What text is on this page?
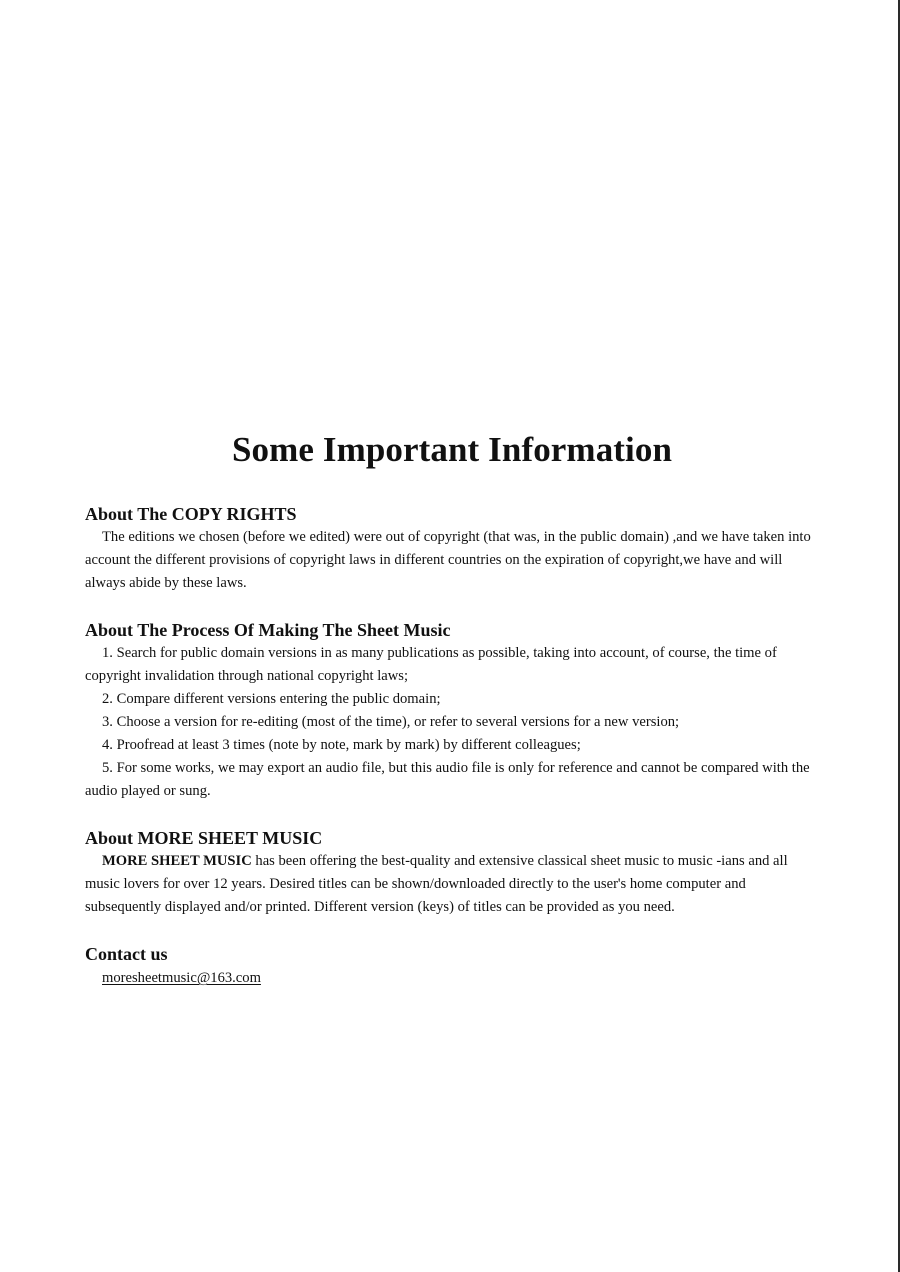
Some Important Information
About The COPY RIGHTS

The editions we chosen (before we edited) were out of copyright (that was, in the public domain) ,and we have taken into account the different provisions of copyright laws in different countries on the expiration of copyright,we have and will always abide by these laws.

About The Process Of Making The Sheet Music

1. Search for public domain versions in as many publications as possible, taking into account, of course, the time of copyright invalidation through national copyright laws;

2. Compare different versions entering the public domain;

3. Choose a version for re-editing (most of the time), or refer to several versions for a new version;

4. Proofread at least 3 times (note by note, mark by mark) by different colleagues;

5. For some works, we may export an audio file, but this audio file is only for reference and cannot be compared with the audio played or sung.

About MORE SHEET MUSIC

MORE SHEET MUSIC has been offering the best-quality and extensive classical sheet music to music -ians and all music lovers for over 12 years. Desired titles can be shown/downloaded directly to the user's home computer and subsequently displayed and/or printed. Different version (keys) of titles can be provided as you need.

Contact us

moresheetmusic@163.com
